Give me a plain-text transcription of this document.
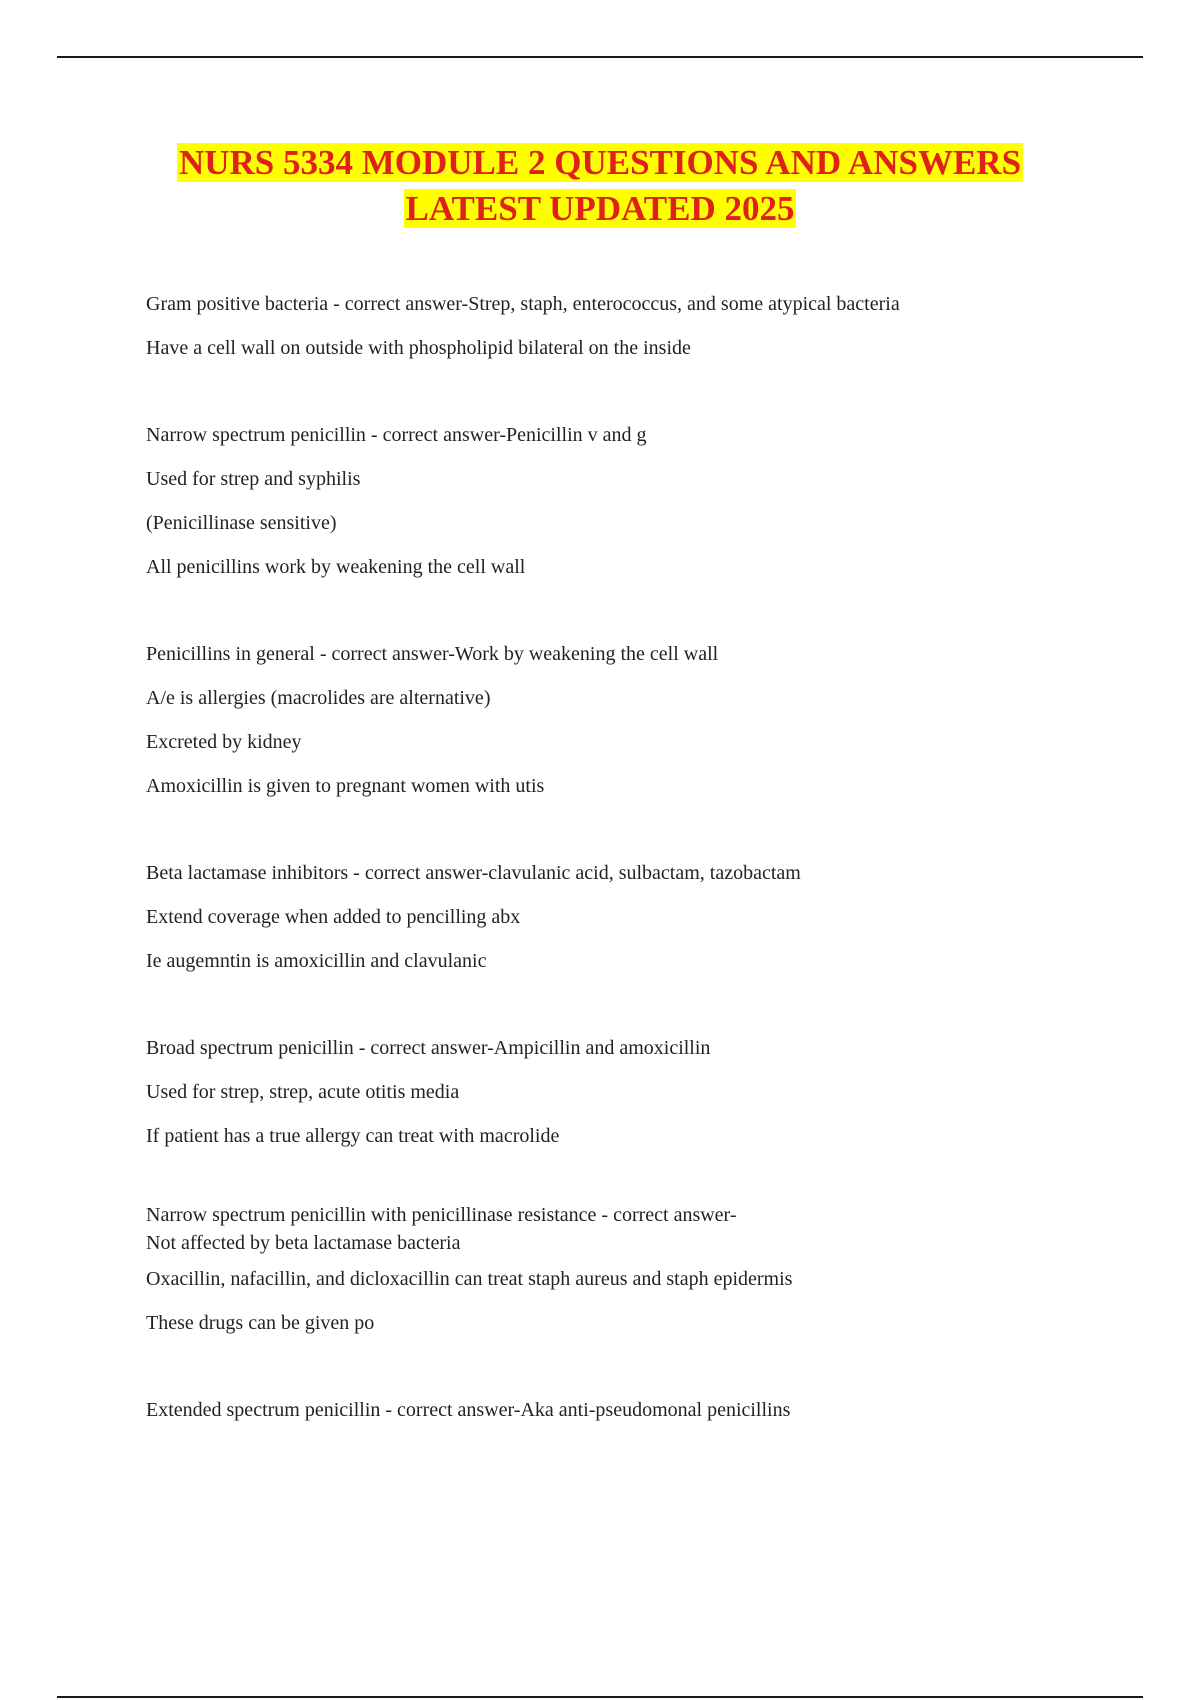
NURS 5334 MODULE 2 QUESTIONS AND ANSWERS
LATEST UPDATED 2025
Gram positive bacteria - correct answer-Strep, staph, enterococcus, and some atypical bacteria
Have a cell wall on outside with phospholipid bilateral on the inside
Narrow spectrum penicillin - correct answer-Penicillin v and g
Used for strep and syphilis
(Penicillinase sensitive)
All penicillins work by weakening the cell wall
Penicillins in general - correct answer-Work by weakening the cell wall
A/e is allergies (macrolides are alternative)
Excreted by kidney
Amoxicillin is given to pregnant women with utis
Beta lactamase inhibitors - correct answer-clavulanic acid, sulbactam, tazobactam
Extend coverage when added to pencilling abx
Ie augemntin is amoxicillin and clavulanic
Broad spectrum penicillin - correct answer-Ampicillin and amoxicillin
Used for strep, strep, acute otitis media
If patient has a true allergy can treat with macrolide
Narrow spectrum penicillin with penicillinase resistance - correct answer-
Not affected by beta lactamase bacteria
Oxacillin, nafacillin, and dicloxacillin can treat staph aureus and staph epidermis
These drugs can be given po
Extended spectrum penicillin - correct answer-Aka anti-pseudomonal penicillins
